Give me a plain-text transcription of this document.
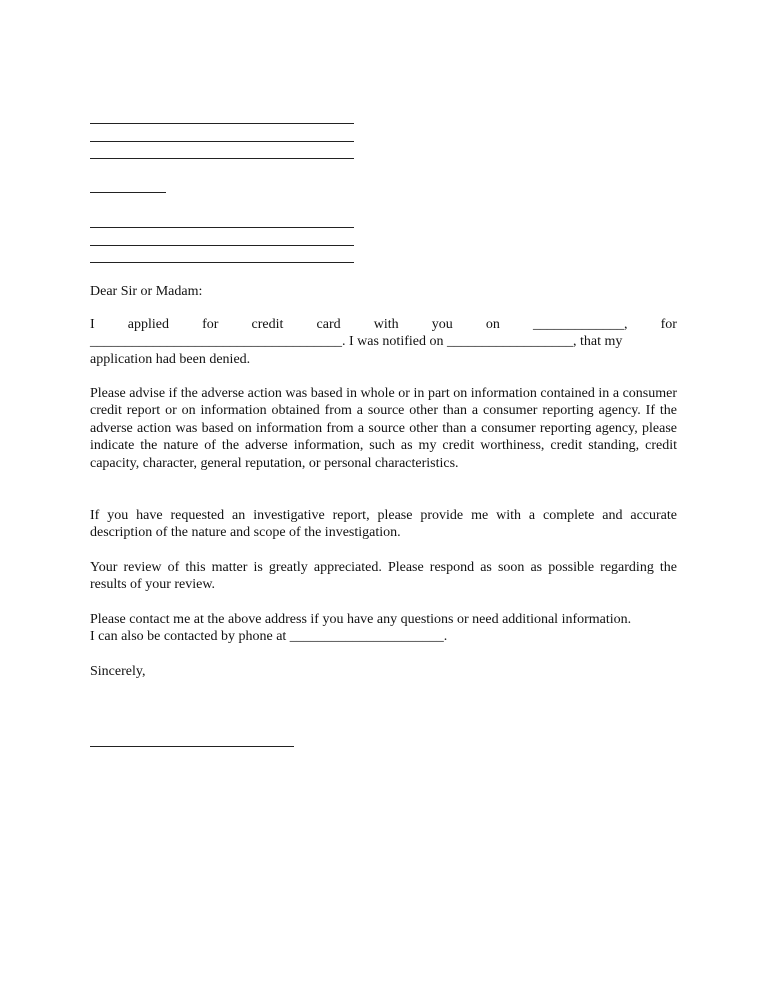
Dear Sir or Madam:

I applied for credit card with you on _____________, for
____________________________________. I was notified on __________________, that my
application had been denied.

Please advise if the adverse action was based in whole or in part on information contained in a consumer credit report or on information obtained from a source other than a consumer reporting agency. If the adverse action was based on information from a source other than a consumer reporting agency, please indicate the nature of the adverse information, such as my credit worthiness, credit standing, credit capacity, character, general reputation, or personal characteristics.

If you have requested an investigative report, please provide me with a complete and accurate description of the nature and scope of the investigation.

Your review of this matter is greatly appreciated. Please respond as soon as possible regarding the results of your review.

Please contact me at the above address if you have any questions or need additional information.
I can also be contacted by phone at ______________________.

Sincerely,
